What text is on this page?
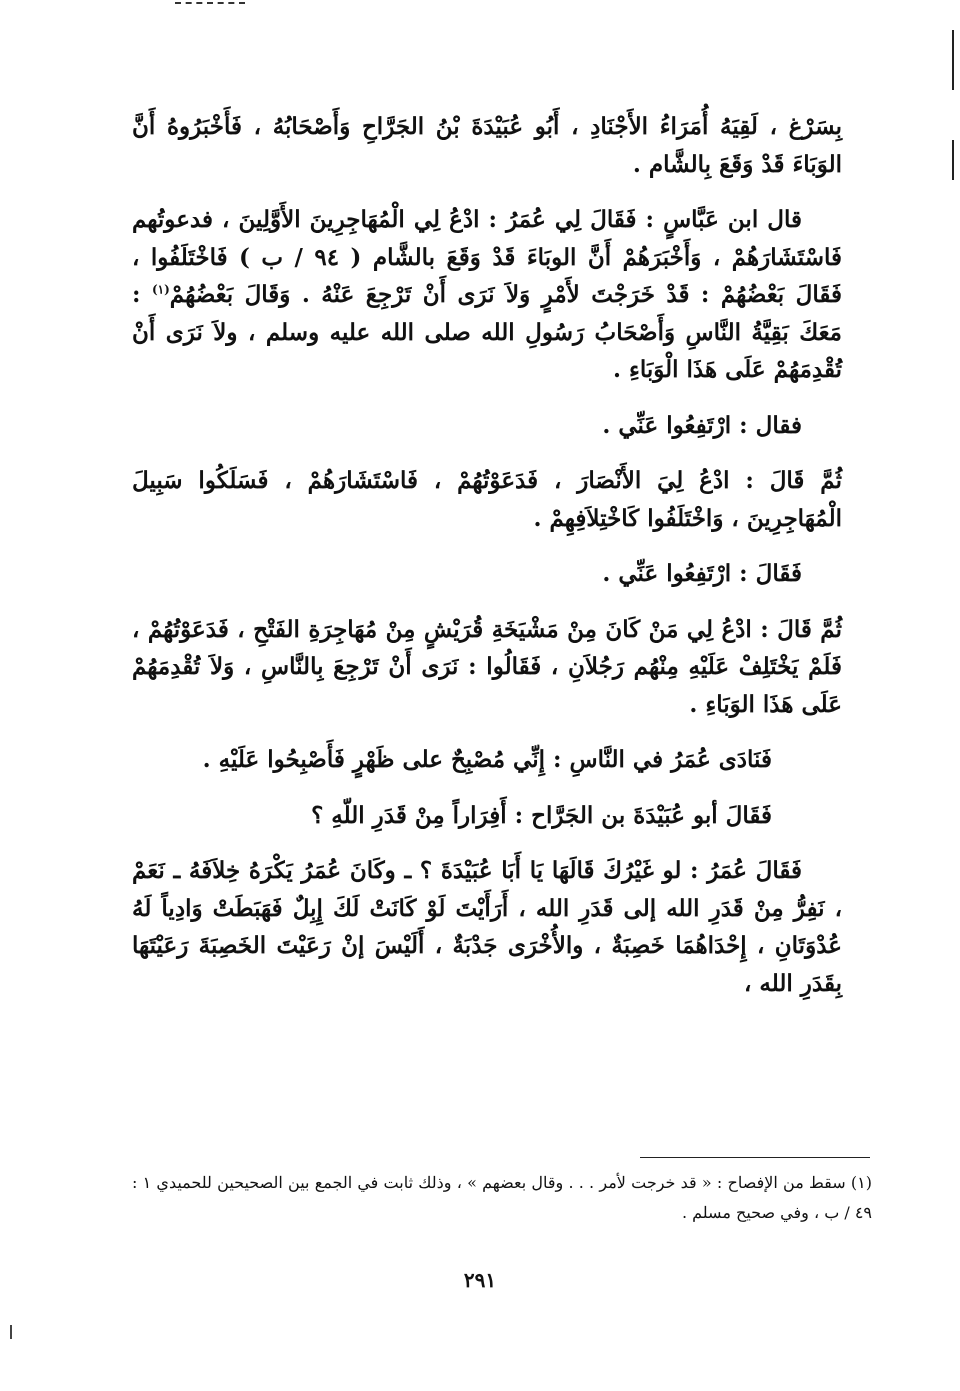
بِسَرْغ ، لَقِيَهُ أُمَرَاءُ الأَجْنَادِ ، أَبُو عُبَيْدَةَ بْنُ الجَرَّاحِ وَأَصْحَابُهُ ، فَأَخْبَرُوهُ أَنَّ الوَبَاءَ قَدْ وَقَعَ بِالشَّام .

قال ابن عَبَّاسٍ : فَقَالَ لِي عُمَرُ : ادْعُ لِي الْمُهَاجِرِينَ الأَوَّلِينَ ، فدعوتُهم فَاسْتَشَارَهُمْ ، وَأَخْبَرَهُمْ أَنَّ الوبَاءَ قَدْ وَقَعَ بالشَّام ( ٩٤ / ب ) فَاخْتَلَفُوا ، فَقَالَ بَعْضُهُمْ : قَدْ خَرَجْتَ لأَمْرٍ وَلاَ نَرَى أَنْ تَرْجِعَ عَنْهُ . وَقَالَ بَعْضُهُمْ$^{(١)}$ : مَعَكَ بَقِيَّةُ النَّاسِ وَأَصْحَابُ رَسُولِ الله صلى الله عليه وسلم ، ولاَ نَرَى أَنْ تُقْدِمَهُمْ عَلَى هَذَا الْوَبَاءِ .

فقال : ارْتَفِعُوا عَنِّي .

ثُمَّ قَالَ : ادْعُ لِيَ الأَنْصَارَ ، فَدَعَوْتُهُمْ ، فَاسْتَشَارَهُمْ ، فَسَلَكُوا سَبِيلَ الْمُهَاجِرِينَ ، وَاخْتَلَفُوا كَاخْتِلاَفِهِمْ .

فَقَالَ : ارْتَفِعُوا عَنِّي .

ثُمَّ قَالَ : ادْعُ لِي مَنْ كَانَ مِنْ مَشْيَخَةِ قُرَيْشٍ مِنْ مُهَاجِرَةِ الفَتْحِ ، فَدَعَوْتُهُمْ ، فَلَمْ يَخْتَلِفْ عَلَيْهِ مِنْهُم رَجُلاَنِ ، فَقَالُوا : نَرَى أَنْ تَرْجِعَ بِالنَّاسِ ، وَلاَ تُقْدِمَهُمْ عَلَى هَذَا الوَبَاءِ .

فَنَادَى عُمَرُ في النَّاسِ : إِنِّي مُصْبِحٌ على ظَهْرٍ فَأَصْبِحُوا عَلَيْهِ .

فَقَالَ أبو عُبَيْدَةَ بن الجَرَّاح : أَفِرَاراً مِنْ قَدَرِ اللّهِ ؟

فَقَالَ عُمَرُ : لو غَيْرُكَ قَالَهَا يَا أَبَا عُبَيْدَةَ ؟ ـ وكَانَ عُمَرُ يَكْرَهُ خِلاَفَهُ ـ نَعَمْ ، نَفِرُّ مِنْ قَدَرِ الله إلى قَدَرِ الله ، أَرَأَيْتَ لَوْ كَانَتْ لَكَ إِبِلٌ فَهَبَطَتْ وَادِياً لَهُ عُدْوَتَانِ ، إِحْدَاهُمَا خَصِبَةٌ ، والأُخْرَى جَدْبَةٌ ، أَلَيْسَ إنْ رَعَيْتَ الخَصِبَةَ رَعَيْتَهَا بِقَدَرِ الله ،

(١) سقط من الإفصاح : « قد خرجت لأمر . . . وقال بعضهم » ، وذلك ثابت في الجمع بين الصحيحين للحميدي ١ : ٤٩ / ب ، وفي صحيح مسلم .
٢٩١
